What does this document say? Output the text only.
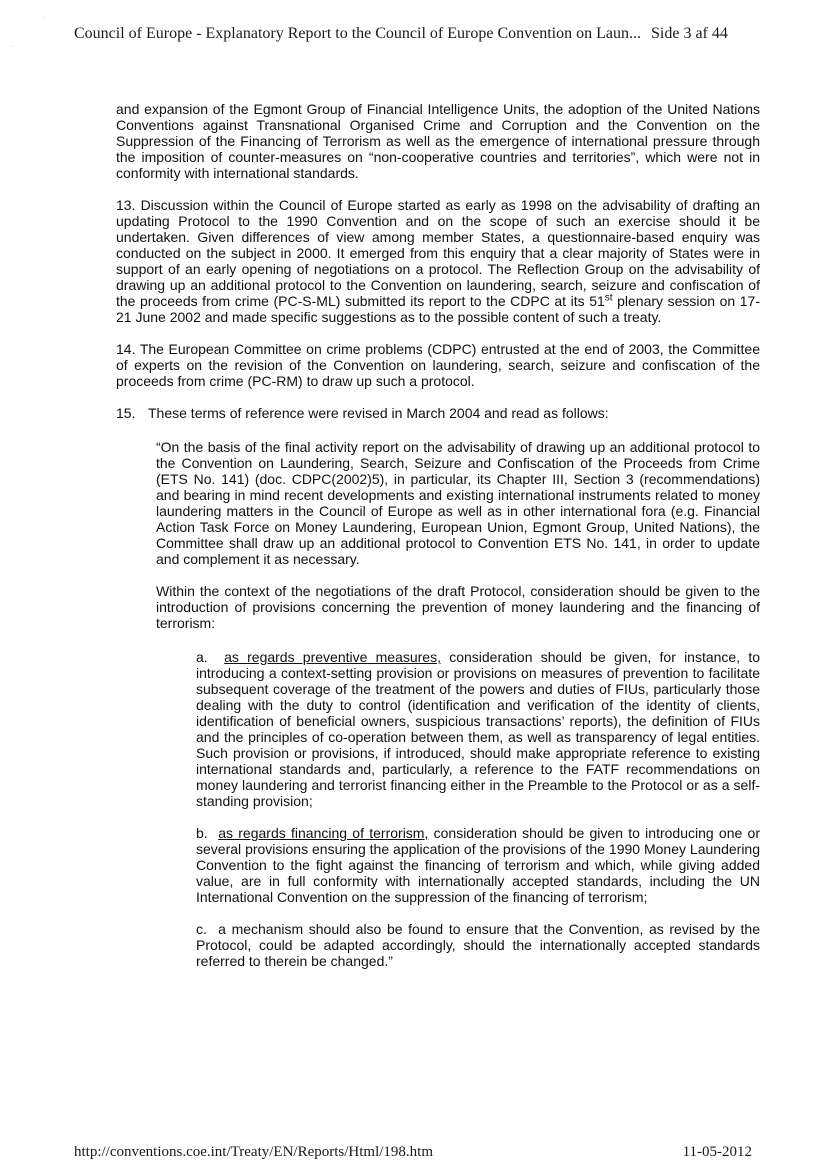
·
··
Council of Europe - Explanatory Report to the Council of Europe Convention on Laun... Side 3 af 44

and expansion of the Egmont Group of Financial Intelligence Units, the adoption of the United Nations Conventions against Transnational Organised Crime and Corruption and the Convention on the Suppression of the Financing of Terrorism as well as the emergence of international pressure through the imposition of counter-measures on “non-cooperative countries and territories”, which were not in conformity with international standards.

13. Discussion within the Council of Europe started as early as 1998 on the advisability of drafting an updating Protocol to the 1990 Convention and on the scope of such an exercise should it be undertaken. Given differences of view among member States, a questionnaire-based enquiry was conducted on the subject in 2000. It emerged from this enquiry that a clear majority of States were in support of an early opening of negotiations on a protocol. The Reflection Group on the advisability of drawing up an additional protocol to the Convention on laundering, search, seizure and confiscation of the proceeds from crime (PC-S-ML) submitted its report to the CDPC at its 51st plenary session on 17-21 June 2002 and made specific suggestions as to the possible content of such a treaty.

14. The European Committee on crime problems (CDPC) entrusted at the end of 2003, the Committee of experts on the revision of the Convention on laundering, search, seizure and confiscation of the proceeds from crime (PC-RM) to draw up such a protocol.

15. These terms of reference were revised in March 2004 and read as follows:

“On the basis of the final activity report on the advisability of drawing up an additional protocol to the Convention on Laundering, Search, Seizure and Confiscation of the Proceeds from Crime (ETS No. 141) (doc. CDPC(2002)5), in particular, its Chapter III, Section 3 (recommendations) and bearing in mind recent developments and existing international instruments related to money laundering matters in the Council of Europe as well as in other international fora (e.g. Financial Action Task Force on Money Laundering, European Union, Egmont Group, United Nations), the Committee shall draw up an additional protocol to Convention ETS No. 141, in order to update and complement it as necessary.

Within the context of the negotiations of the draft Protocol, consideration should be given to the introduction of provisions concerning the prevention of money laundering and the financing of terrorism:

a. as regards preventive measures, consideration should be given, for instance, to introducing a context-setting provision or provisions on measures of prevention to facilitate subsequent coverage of the treatment of the powers and duties of FIUs, particularly those dealing with the duty to control (identification and verification of the identity of clients, identification of beneficial owners, suspicious transactions’ reports), the definition of FIUs and the principles of co-operation between them, as well as transparency of legal entities. Such provision or provisions, if introduced, should make appropriate reference to existing international standards and, particularly, a reference to the FATF recommendations on money laundering and terrorist financing either in the Preamble to the Protocol or as a self-standing provision;

b. as regards financing of terrorism, consideration should be given to introducing one or several provisions ensuring the application of the provisions of the 1990 Money Laundering Convention to the fight against the financing of terrorism and which, while giving added value, are in full conformity with internationally accepted standards, including the UN International Convention on the suppression of the financing of terrorism;

c. a mechanism should also be found to ensure that the Convention, as revised by the Protocol, could be adapted accordingly, should the internationally accepted standards referred to therein be changed.”

http://conventions.coe.int/Treaty/EN/Reports/Html/198.htm	11-05-2012
